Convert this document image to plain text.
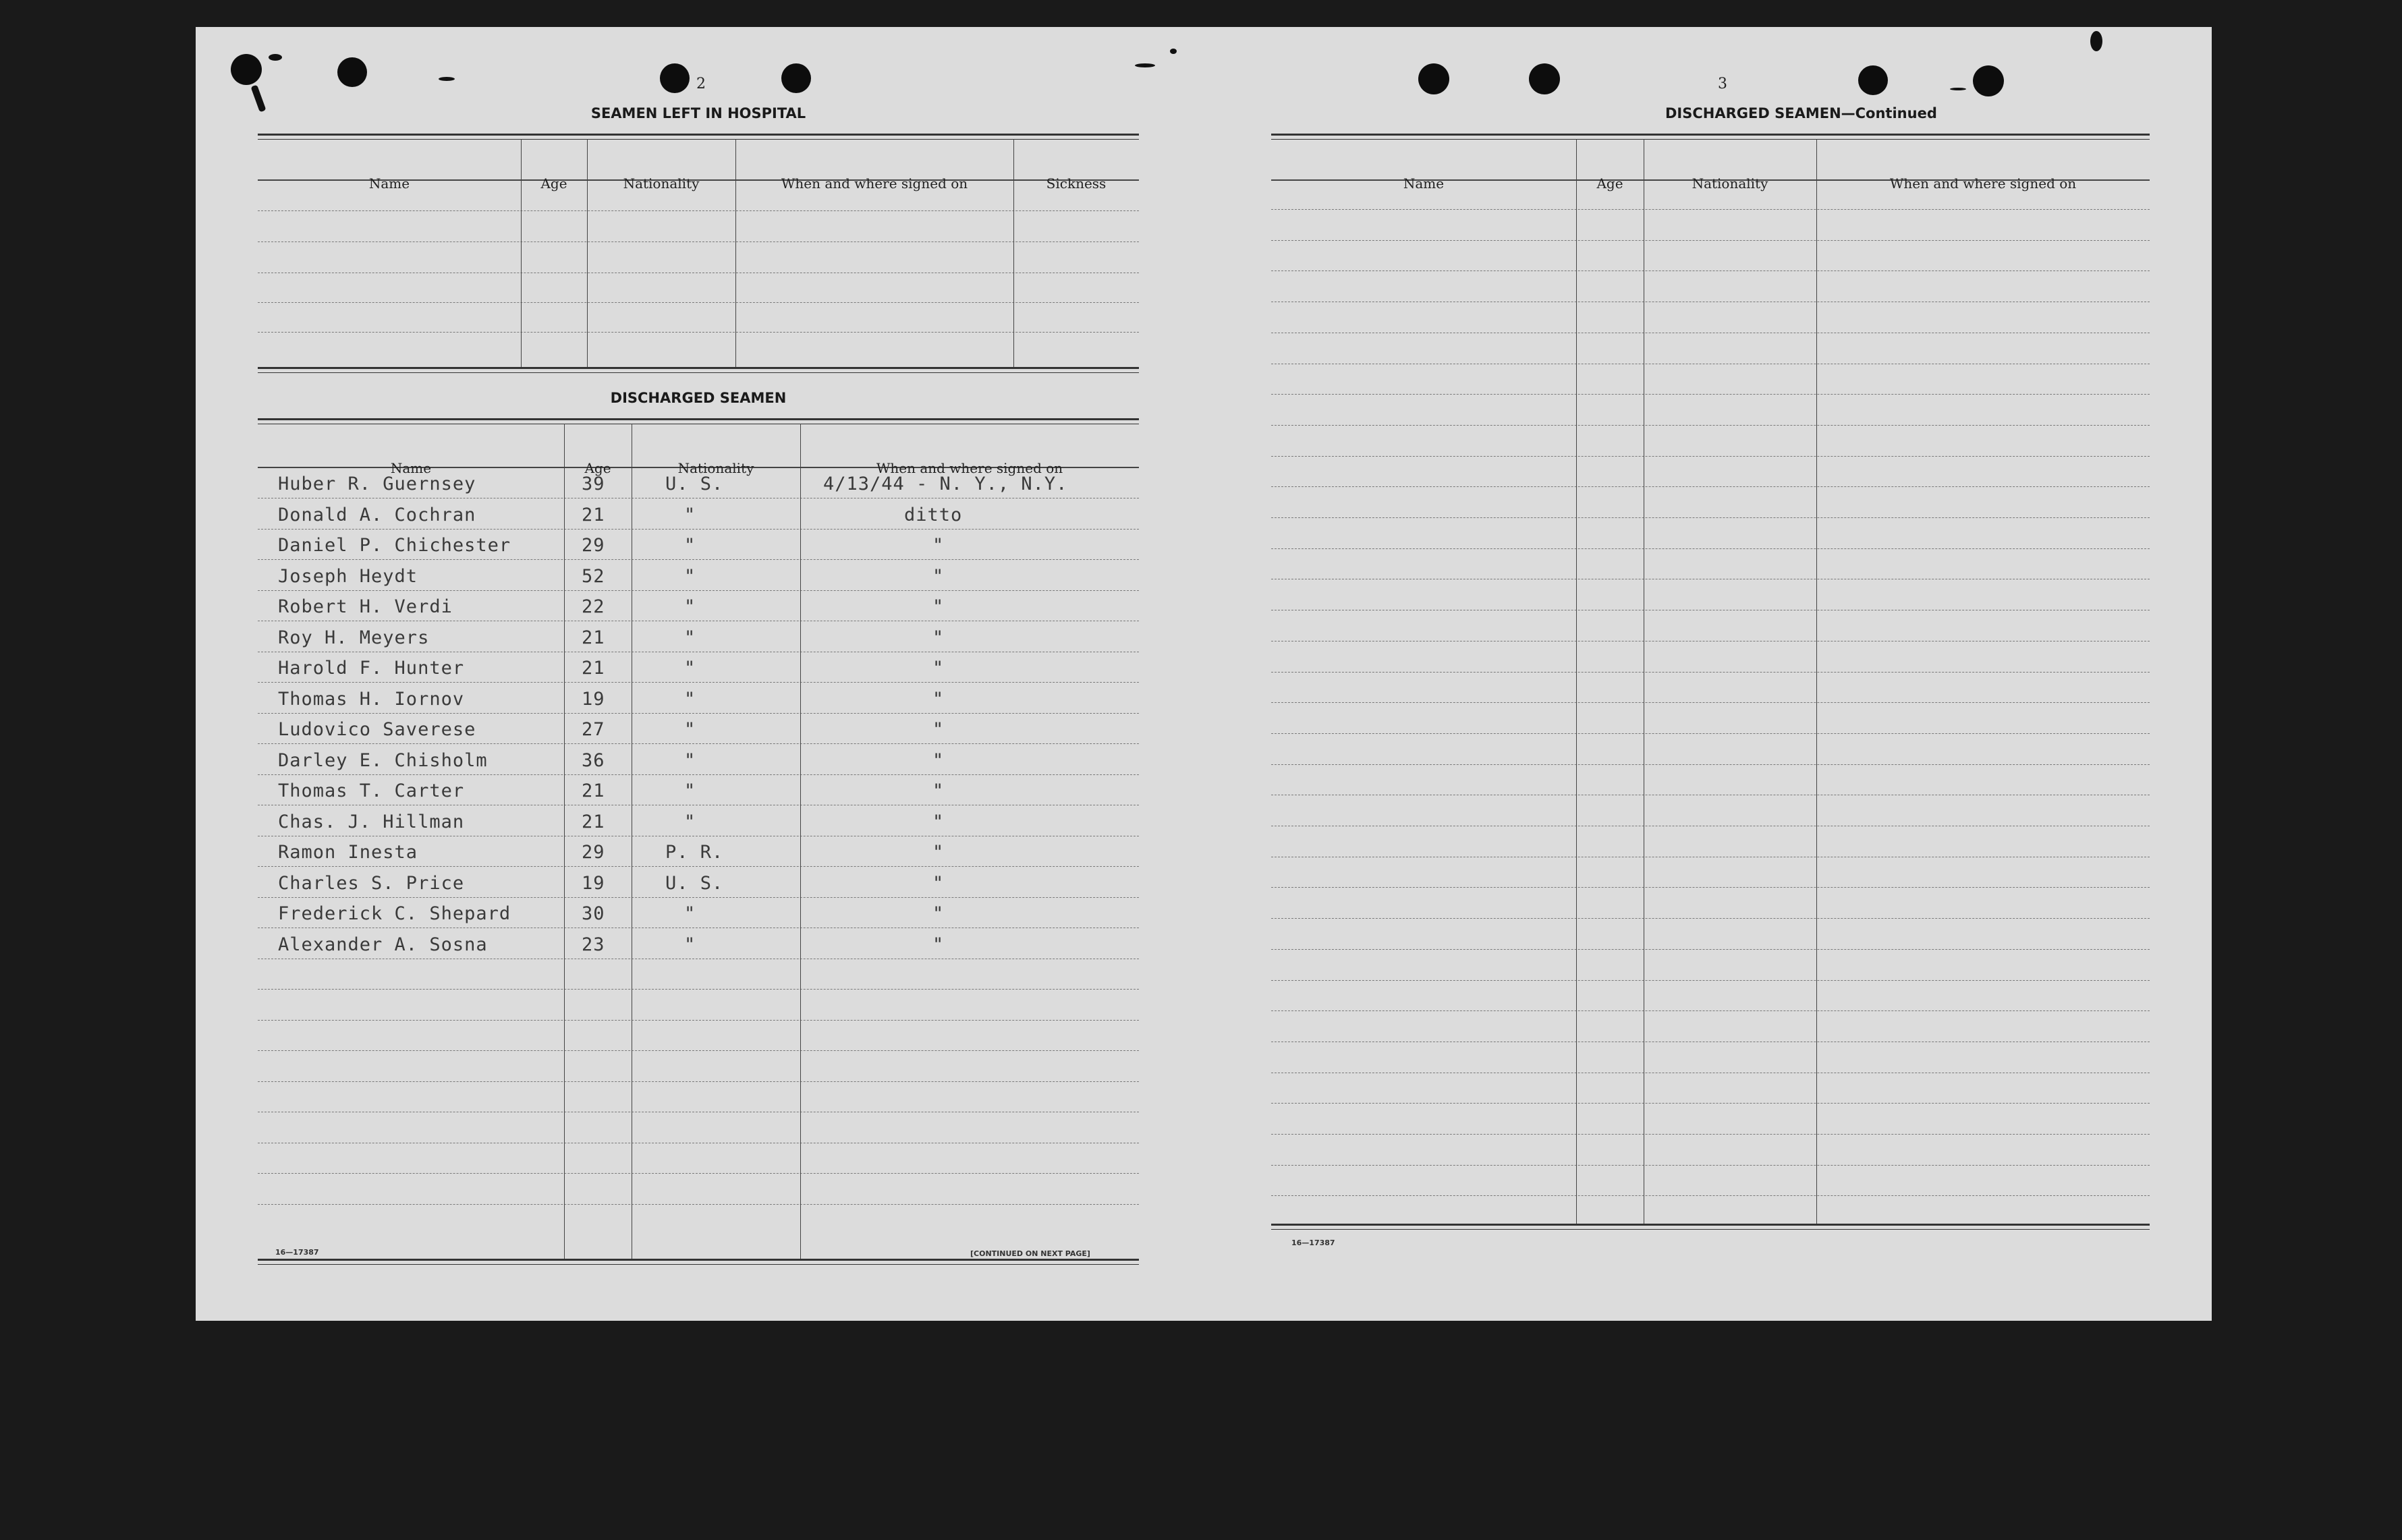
2
SEAMEN LEFT IN HOSPITAL
Name	Age	Nationality	When and where signed on	Sickness
DISCHARGED SEAMEN
Huber R. Guernsey	39	U. S.	4/13/44 - N. Y., N.Y.
Donald A. Cochran	21	"	ditto
Daniel P. Chichester	29	"	"
Joseph Heydt	52	"	"
Robert H. Verdi	22	"	"
Roy H. Meyers	21	"	"
Harold F. Hunter	21	"	"
Thomas H. Iornov	19	"	"
Ludovico Saverese	27	"	"
Darley E. Chisholm	36	"	"
Thomas T. Carter	21	"	"
Chas. J. Hillman	21	"	"
Ramon Inesta	29	P. R.	"
Charles S. Price	19	U. S.	"
Frederick C. Shepard	30	"	"
Alexander A. Sosna	23	"	"
Name	Age	Nationality	When and where signed on
16—17387	[CONTINUED ON NEXT PAGE]
3
DISCHARGED SEAMEN—Continued
Name	Age	Nationality	When and where signed on
16—17387
